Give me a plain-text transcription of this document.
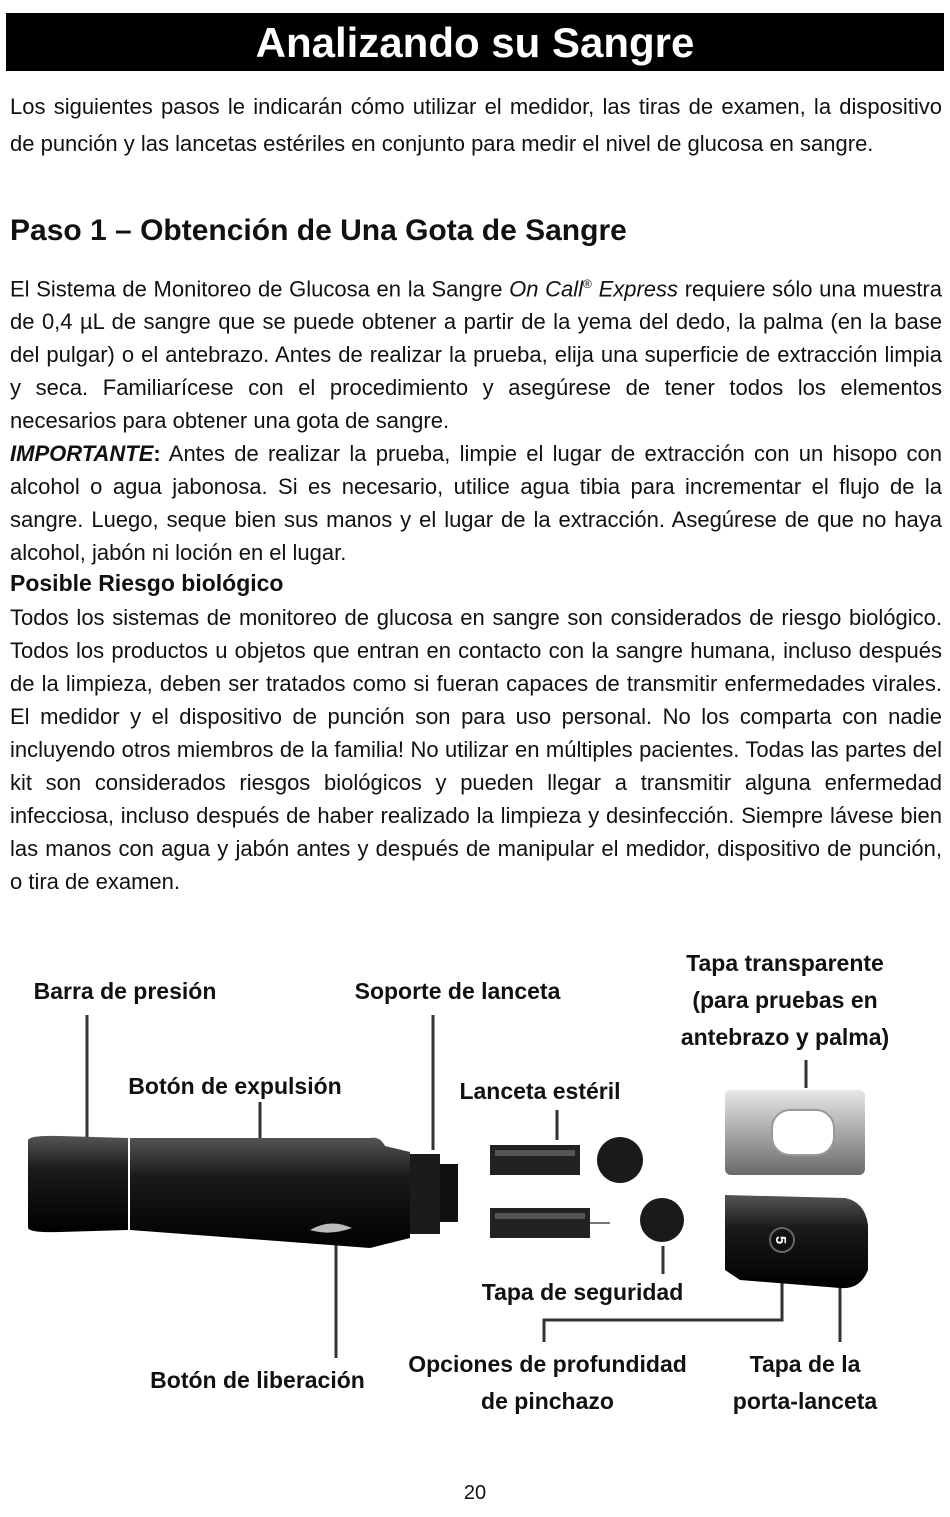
Analizando su Sangre
Los siguientes pasos le indicarán cómo utilizar el medidor, las tiras de examen, la dispositivo de punción y las lancetas estériles en conjunto para medir el nivel de glucosa en sangre.
Paso 1 – Obtención de Una Gota de Sangre
El Sistema de Monitoreo de Glucosa en la Sangre On Call® Express requiere sólo una muestra de 0,4 µL de sangre que se puede obtener a partir de la yema del dedo, la palma (en la base del pulgar) o el antebrazo. Antes de realizar la prueba, elija una superficie de extracción limpia y seca. Familiarícese con el procedimiento y asegúrese de tener todos los elementos necesarios para obtener una gota de sangre.
IMPORTANTE: Antes de realizar la prueba, limpie el lugar de extracción con un hisopo con alcohol o agua jabonosa. Si es necesario, utilice agua tibia para incrementar el flujo de la sangre. Luego, seque bien sus manos y el lugar de la extracción. Asegúrese de que no haya alcohol, jabón ni loción en el lugar.
Posible Riesgo biológico
Todos los sistemas de monitoreo de glucosa en sangre son considerados de riesgo biológico. Todos los productos u objetos que entran en contacto con la sangre humana, incluso después de la limpieza, deben ser tratados como si fueran capaces de transmitir enfermedades virales. El medidor y el dispositivo de punción son para uso personal. No los comparta con nadie incluyendo otros miembros de la familia! No utilizar en múltiples pacientes. Todas las partes del kit son considerados riesgos biológicos y pueden llegar a transmitir alguna enfermedad infecciosa, incluso después de haber realizado la limpieza y desinfección. Siempre lávese bien las manos con agua y jabón antes y después de manipular el medidor, dispositivo de punción, o tira de examen.
5
Barra de presión	Soporte de lanceta
Tapa transparente
(para pruebas en
antebrazo y palma)
Botón de expulsión	Lanceta estéril
Tapa de seguridad
Botón de liberación
Opciones de profundidad
de pinchazo
Tapa de la
porta-lanceta
20
